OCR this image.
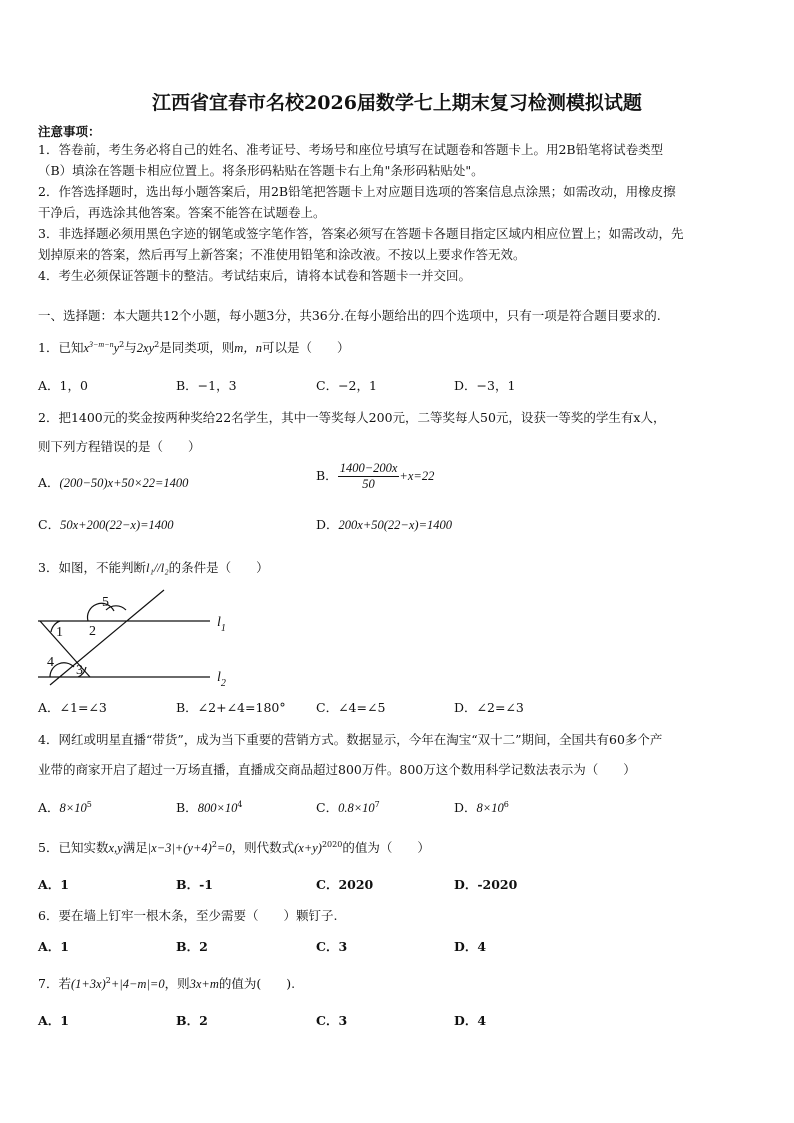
江西省宜春市名校2026届数学七上期末复习检测模拟试题
注意事项：
1．答卷前，考生务必将自己的姓名、准考证号、考场号和座位号填写在试题卷和答题卡上。用2B铅笔将试卷类型
（B）填涂在答题卡相应位置上。将条形码粘贴在答题卡右上角"条形码粘贴处"。
2．作答选择题时，选出每小题答案后，用2B铅笔把答题卡上对应题目选项的答案信息点涂黑；如需改动，用橡皮擦
干净后，再选涂其他答案。答案不能答在试题卷上。
3．非选择题必须用黑色字迹的钢笔或签字笔作答，答案必须写在答题卡各题目指定区域内相应位置上；如需改动，先
划掉原来的答案，然后再写上新答案；不准使用铅笔和涂改液。不按以上要求作答无效。
4．考生必须保证答题卡的整洁。考试结束后，请将本试卷和答题卡一并交回。
一、选择题：本大题共12个小题，每小题3分，共36分.在每小题给出的四个选项中，只有一项是符合题目要求的.
1．已知$x^{3-m-n}y^2$与$2xy^2$是同类项，则m，n可以是（　　）
A．1，0	B．−1，3	C．−2，1	D．−3，1
2．把1400元的奖金按两种奖给22名学生，其中一等奖每人200元，二等奖每人50元，设获一等奖的学生有x人，
则下列方程错误的是（　　）
A．(200−50)x+50×22=1400	B． $\frac{1400-200x}{50} +x=22$
C．50x+200(22−x)=1400	D．200x+50(22−x)=1400
3．如图，不能判断l₁//l₂的条件是（　　）
1 2
5
4
3
$l_1$
$l_2$
A．∠1=∠3	B．∠2+∠4=180° C．∠4=∠5	D．∠2=∠3
4．网红或明星直播“带货”，成为当下重要的营销方式。数据显示，今年在淘宝“双十二”期间，全国共有60多个产
业带的商家开启了超过一万场直播，直播成交商品超过800万件。800万这个数用科学记数法表示为（　　）
A．$8\times 10^5$	B．$800\times 10^4$	C．$0.8\times 10^7$	D．$8\times 10^6$
5．已知实数x,y满足$|x-3|+(y+4)^2=0$，则代数式$(x+y)^{2020}$的值为（　　）
A．1	B．-1	C．2020	D．-2020
6．要在墙上钉牢一根木条，至少需要（　　）颗钉子.
A．1	B．2	C．3	D．4
7．若$(1+3x)^2+|4-m|=0$，则3x+m的值为(　　).
A．1	B．2	C．3	D．4
